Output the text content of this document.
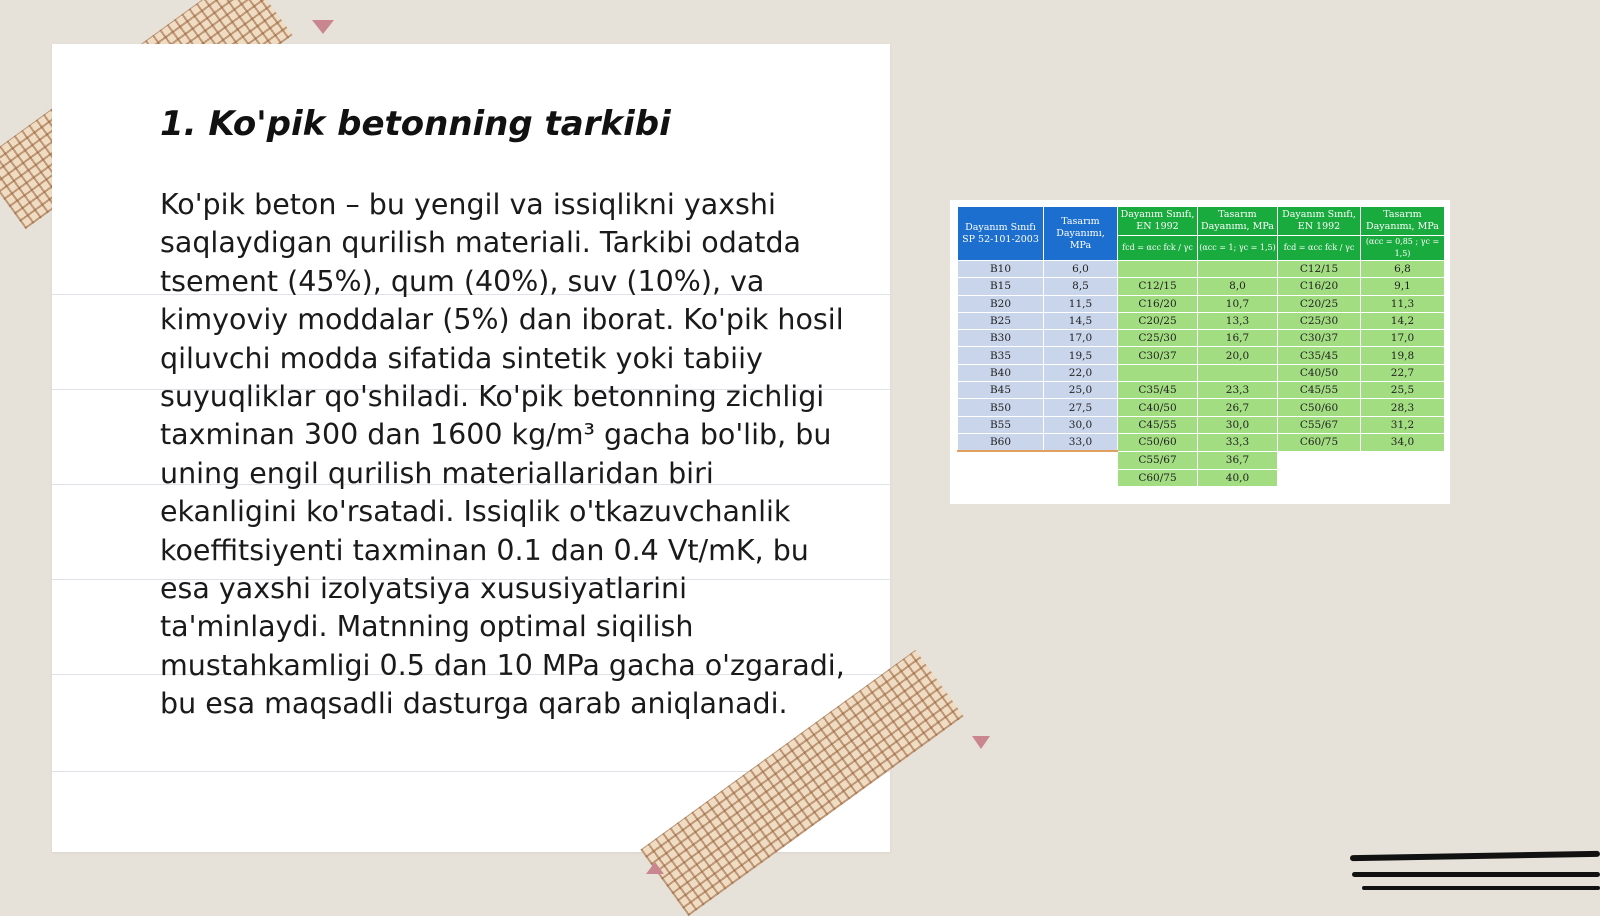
1. Ko'pik betonning tarkibi

Ko'pik beton – bu yengil va issiqlikni yaxshi saqlaydigan qurilish materiali. Tarkibi odatda tsement (45%), qum (40%), suv (10%), va kimyoviy moddalar (5%) dan iborat. Ko'pik hosil qiluvchi modda sifatida sintetik yoki tabiiy suyuqliklar qo'shiladi. Ko'pik betonning zichligi taxminan 300 dan 1600 kg/m³ gacha bo'lib, bu uning engil qurilish materiallaridan biri ekanligini ko'rsatadi. Issiqlik o'tkazuvchanlik koeffitsiyenti taxminan 0.1 dan 0.4 Vt/mK, bu esa yaxshi izolyatsiya xususiyatlarini ta'minlaydi. Matnning optimal siqilish mustahkamligi 0.5 dan 10 MPa gacha o'zgaradi, bu esa maqsadli dasturga qarab aniqlanadi.

Dayanım Sınıfı SP 52-101-2003	Tasarım Dayanımı, MPa	Dayanım Sınıfı, EN 1992	Tasarım Dayanımı, MPa	Dayanım Sınıfı, EN 1992	Tasarım Dayanımı, MPa
		fcd = αcc fck / γc	(αcc = 1; γc = 1,5)	fcd = αcc fck / γc	(αcc = 0,85 ; γc = 1,5)
B10	6,0			C12/15	6,8
B15	8,5	C12/15	8,0	C16/20	9,1
B20	11,5	C16/20	10,7	C20/25	11,3
B25	14,5	C20/25	13,3	C25/30	14,2
B30	17,0	C25/30	16,7	C30/37	17,0
B35	19,5	C30/37	20,0	C35/45	19,8
B40	22,0			C40/50	22,7
B45	25,0	C35/45	23,3	C45/55	25,5
B50	27,5	C40/50	26,7	C50/60	28,3
B55	30,0	C45/55	30,0	C55/67	31,2
B60	33,0	C50/60	33,3	C60/75	34,0
		C55/67	36,7		
		C60/75	40,0		
